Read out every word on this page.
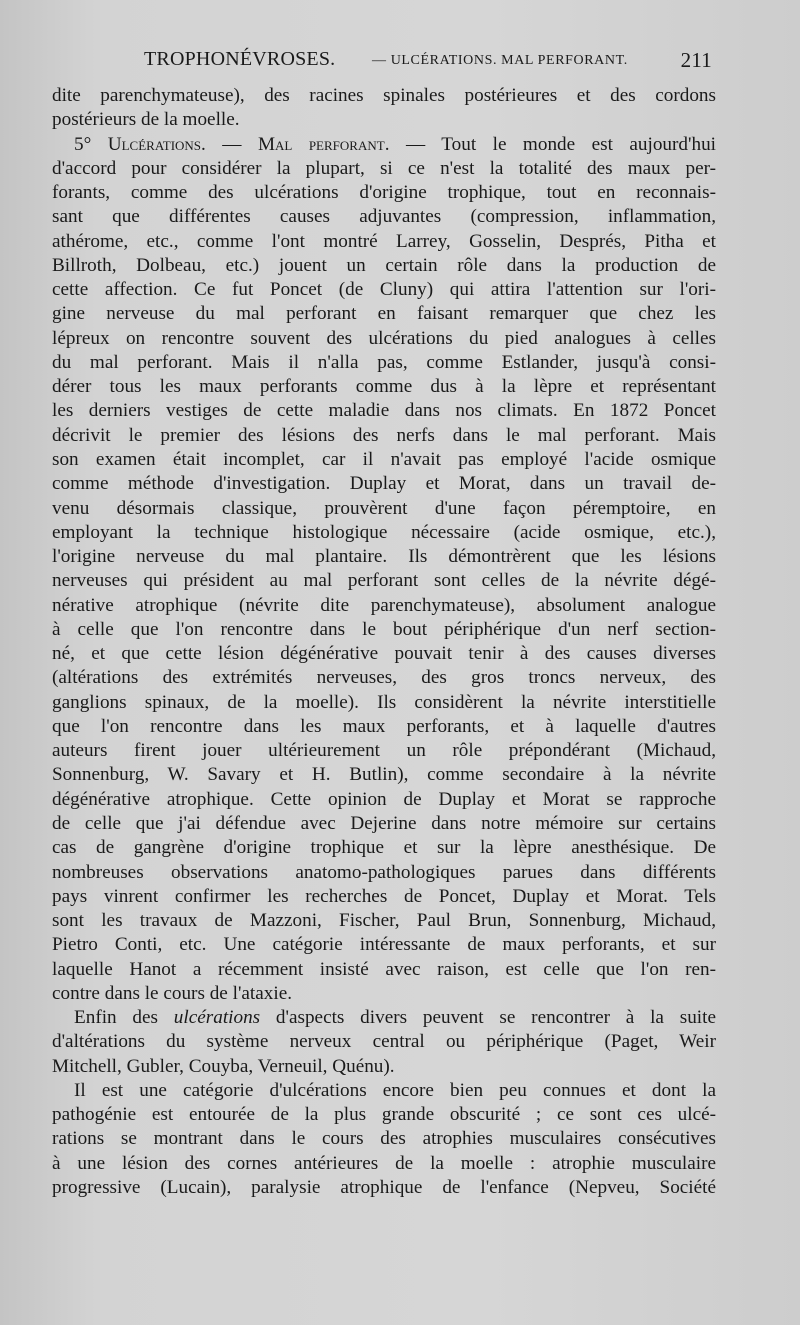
TROPHONÉVROSES.	— ULCÉRATIONS. MAL PERFORANT.	211
dite parenchymateuse), des racines spinales postérieures et des cordons
postérieurs de la moelle.
5° Ulcérations. — Mal perforant. — Tout le monde est aujourd'hui
d'accord pour considérer la plupart, si ce n'est la totalité des maux per-
forants, comme des ulcérations d'origine trophique, tout en reconnais-
sant que différentes causes adjuvantes (compression, inflammation,
athérome, etc., comme l'ont montré Larrey, Gosselin, Després, Pitha et
Billroth, Dolbeau, etc.) jouent un certain rôle dans la production de
cette affection. Ce fut Poncet (de Cluny) qui attira l'attention sur l'ori-
gine nerveuse du mal perforant en faisant remarquer que chez les
lépreux on rencontre souvent des ulcérations du pied analogues à celles
du mal perforant. Mais il n'alla pas, comme Estlander, jusqu'à consi-
dérer tous les maux perforants comme dus à la lèpre et représentant
les derniers vestiges de cette maladie dans nos climats. En 1872 Poncet
décrivit le premier des lésions des nerfs dans le mal perforant. Mais
son examen était incomplet, car il n'avait pas employé l'acide osmique
comme méthode d'investigation. Duplay et Morat, dans un travail de-
venu désormais classique, prouvèrent d'une façon péremptoire, en
employant la technique histologique nécessaire (acide osmique, etc.),
l'origine nerveuse du mal plantaire. Ils démontrèrent que les lésions
nerveuses qui président au mal perforant sont celles de la névrite dégé-
nérative atrophique (névrite dite parenchymateuse), absolument analogue
à celle que l'on rencontre dans le bout périphérique d'un nerf section-
né, et que cette lésion dégénérative pouvait tenir à des causes diverses
(altérations des extrémités nerveuses, des gros troncs nerveux, des
ganglions spinaux, de la moelle). Ils considèrent la névrite interstitielle
que l'on rencontre dans les maux perforants, et à laquelle d'autres
auteurs firent jouer ultérieurement un rôle prépondérant (Michaud,
Sonnenburg, W. Savary et H. Butlin), comme secondaire à la névrite
dégénérative atrophique. Cette opinion de Duplay et Morat se rapproche
de celle que j'ai défendue avec Dejerine dans notre mémoire sur certains
cas de gangrène d'origine trophique et sur la lèpre anesthésique. De
nombreuses observations anatomo-pathologiques parues dans différents
pays vinrent confirmer les recherches de Poncet, Duplay et Morat. Tels
sont les travaux de Mazzoni, Fischer, Paul Brun, Sonnenburg, Michaud,
Pietro Conti, etc. Une catégorie intéressante de maux perforants, et sur
laquelle Hanot a récemment insisté avec raison, est celle que l'on ren-
contre dans le cours de l'ataxie.
Enfin des ulcérations d'aspects divers peuvent se rencontrer à la suite
d'altérations du système nerveux central ou périphérique (Paget, Weir
Mitchell, Gubler, Couyba, Verneuil, Quénu).
Il est une catégorie d'ulcérations encore bien peu connues et dont la
pathogénie est entourée de la plus grande obscurité ; ce sont ces ulcé-
rations se montrant dans le cours des atrophies musculaires consécutives
à une lésion des cornes antérieures de la moelle : atrophie musculaire
progressive (Lucain), paralysie atrophique de l'enfance (Nepveu, Société
